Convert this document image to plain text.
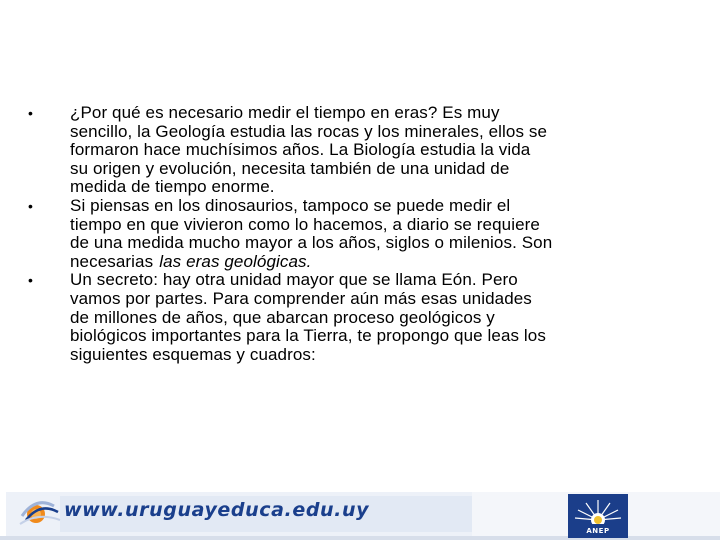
•	¿Por qué es necesario medir el tiempo en eras? Es muy
sencillo, la Geología estudia las rocas y los minerales, ellos se
formaron hace muchísimos años. La Biología estudia la vida
su origen y evolución, necesita también de una unidad de
medida de tiempo enorme.
•	Si piensas en los dinosaurios, tampoco se puede medir el
tiempo en que vivieron como lo hacemos, a diario se requiere
de una medida mucho mayor a los años, siglos o milenios. Son
necesarias las eras geológicas.
•	Un secreto: hay otra unidad mayor que se llama Eón. Pero
vamos por partes. Para comprender aún más esas unidades
de millones de años, que abarcan proceso geológicos y
biológicos importantes para la Tierra, te propongo que leas los
siguientes esquemas y cuadros:
www.uruguayeduca.edu.uy
ANEP
